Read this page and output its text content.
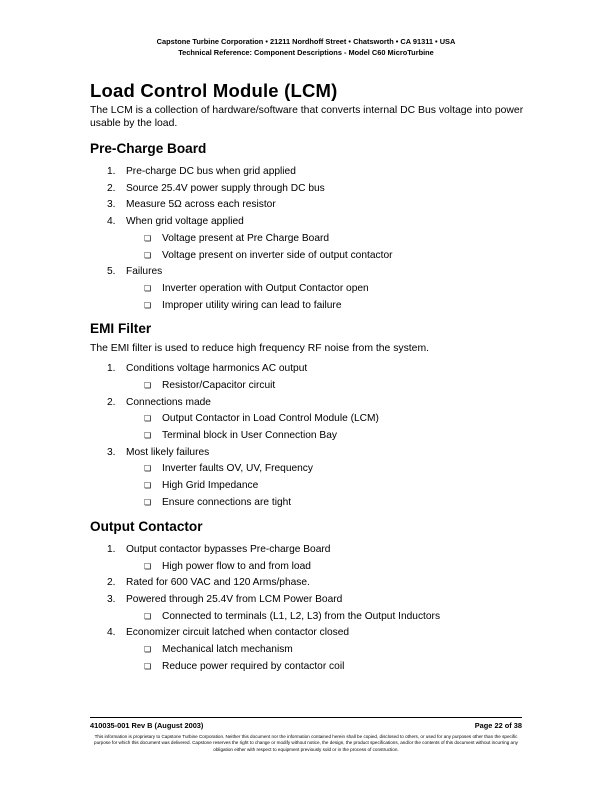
Capstone Turbine Corporation • 21211 Nordhoff Street • Chatsworth • CA 91311 • USA
Technical Reference: Component Descriptions - Model C60 MicroTurbine
Load Control Module (LCM)
The LCM is a collection of hardware/software that converts internal DC Bus voltage into power usable by the load.
Pre-Charge Board
1.	Pre-charge DC bus when grid applied
2.	Source 25.4V power supply through DC bus
3.	Measure 5Ω across each resistor
4.	When grid voltage applied
❏ Voltage present at Pre Charge Board
❏ Voltage present on inverter side of output contactor
5.	Failures
❏ Inverter operation with Output Contactor open
❏ Improper utility wiring can lead to failure
EMI Filter
The EMI filter is used to reduce high frequency RF noise from the system.
1.	Conditions voltage harmonics AC output
❏ Resistor/Capacitor circuit
2.	Connections made
❏ Output Contactor in Load Control Module (LCM)
❏ Terminal block in User Connection Bay
3.	Most likely failures
❏ Inverter faults OV, UV, Frequency
❏ High Grid Impedance
❏ Ensure connections are tight
Output Contactor
1.	Output contactor bypasses Pre-charge Board
❏ High power flow to and from load
2.	Rated for 600 VAC and 120 Arms/phase.
3.	Powered through 25.4V from LCM Power Board
❏ Connected to terminals (L1, L2, L3) from the Output Inductors
4.	Economizer circuit latched when contactor closed
❏ Mechanical latch mechanism
❏ Reduce power required by contactor coil
410035-001 Rev B (August 2003)	Page 22 of 38
This information is proprietary to Capstone Turbine Corporation. Neither this document nor the information contained herein shall be copied, disclosed to others, or used for any purposes other than the specific purpose for which this document was delivered. Capstone reserves the right to change or modify without notice, the design, the product specifications, and/or the contents of this document without incurring any obligation either with respect to equipment previously sold or in the process of construction.
